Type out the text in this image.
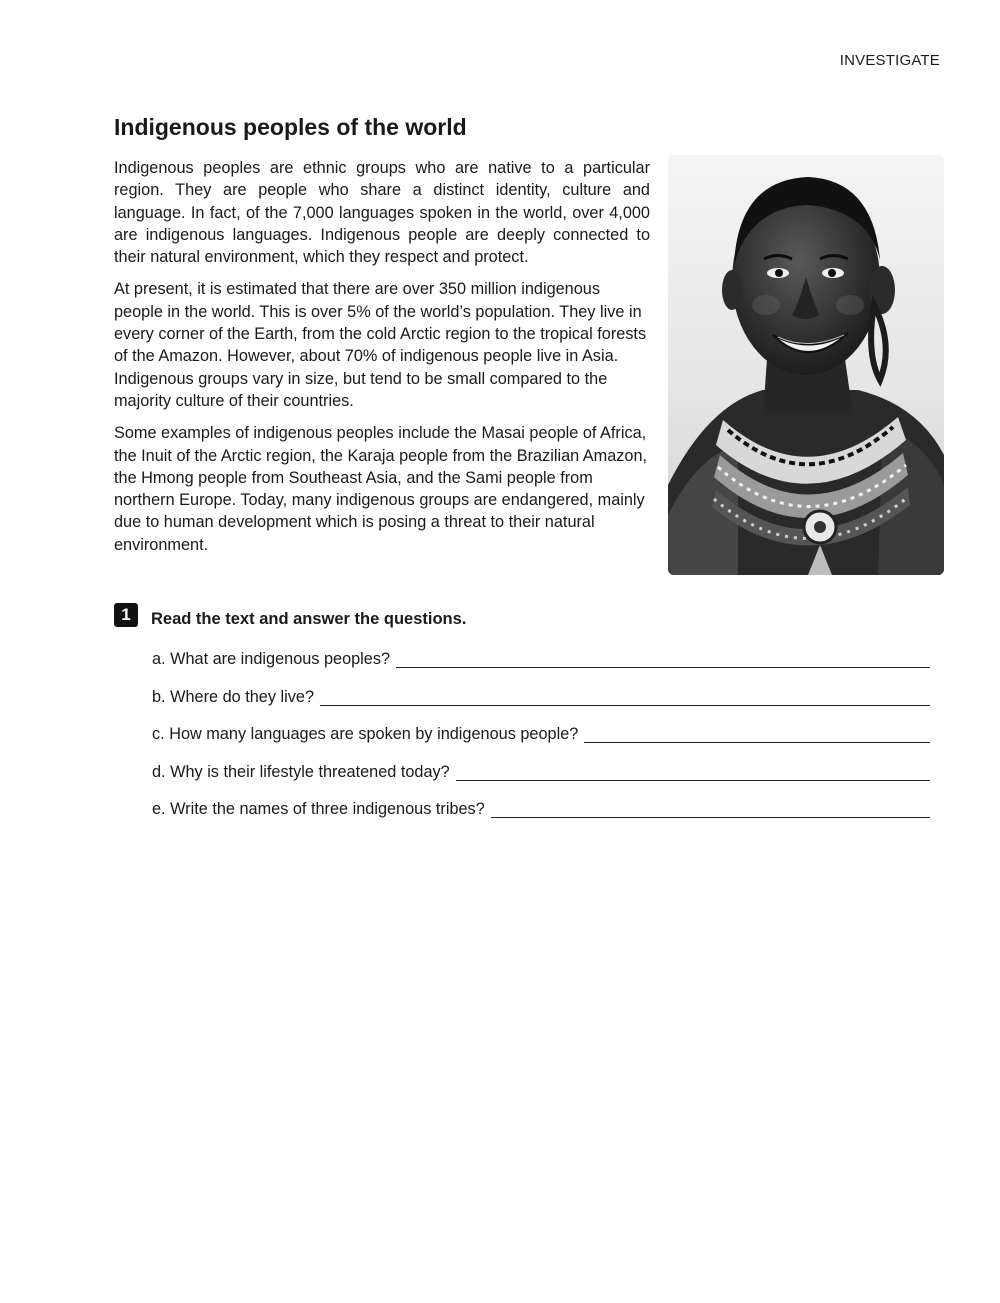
INVESTIGATE
Indigenous peoples of the world

Indigenous peoples are ethnic groups who are native to a particular region. They are people who share a distinct identity, culture and language. In fact, of the 7,000 languages spoken in the world, over 4,000 are indigenous languages. Indigenous people are deeply connected to their natural environment, which they respect and protect.

At present, it is estimated that there are over 350 million indigenous people in the world. This is over 5% of the world’s population. They live in every corner of the Earth, from the cold Arctic region to the tropical forests of the Amazon. However, about 70% of indigenous people live in Asia. Indigenous groups vary in size, but tend to be small compared to the majority culture of their countries.

Some examples of indigenous peoples include the Masai people of Africa, the Inuit of the Arctic region, the Karaja people from the Brazilian Amazon, the Hmong people from Southeast Asia, and the Sami people from northern Europe. Today, many indigenous groups are endangered, mainly due to human development which is posing a threat to their natural environment.

1	Read the text and answer the questions.
a. What are indigenous peoples?
b. Where do they live?
c. How many languages are spoken by indigenous people?
d. Why is their lifestyle threatened today?
e. Write the names of three indigenous tribes?
